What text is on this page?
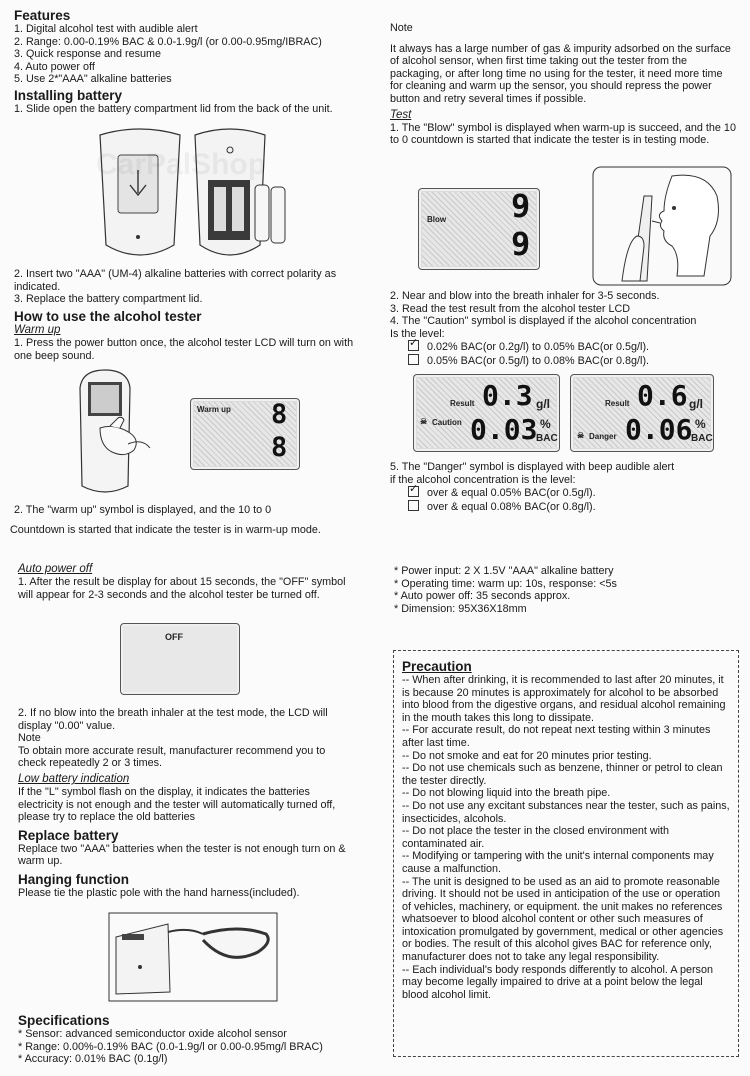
Features
1. Digital alcohol test with audible alert
2. Range: 0.00-0.19% BAC & 0.0-1.9g/l (or 0.00-0.95mg/IBRAC)
3. Quick response and resume
4. Auto power off
5. Use 2*"AAA" alkaline batteries
Installing battery
1. Slide open the battery compartment lid from the back of the unit.
CarPalShop
2. Insert two "AAA" (UM-4) alkaline batteries with correct polarity as indicated.
3. Replace the battery compartment lid.
How to use the alcohol tester
Warm up
1. Press the power button once, the alcohol tester LCD will turn on with one beep sound.
Warm up 8
8
2. The "warm up" symbol is displayed, and the 10 to 0
Countdown is started that indicate the tester is in warm-up mode.
Note
It always has a large number of gas & impurity adsorbed on the surface of alcohol sensor, when first time taking out the tester from the packaging, or after long time no using for the tester, it need more time for cleaning and warm up the sensor, you should repress the power button and retry several times if possible.
Test
1. The "Blow" symbol is displayed when warm-up is succeed, and the 10 to 0 countdown is started that indicate the tester is in testing mode.
Blow 9
9
2. Near and blow into the breath inhaler for 3-5 seconds.
3. Read the test result from the alcohol tester LCD
4. The "Caution" symbol is displayed if the alcohol concentration
Is the level:
✓0.02% BAC(or 0.2g/l) to 0.05% BAC(or 0.5g/l).
0.05% BAC(or 0.5g/l) to 0.08% BAC(or 0.8g/l).
Result 0.3 g/l
☠ Caution 0.03 %
BAC
Result 0.6 g/l
☠ Danger 0.06 %
BAC
5. The "Danger" symbol is displayed with beep audible alert
if the alcohol concentration is the level:
✓over & equal 0.05% BAC(or 0.5g/l).
over & equal 0.08% BAC(or 0.8g/l).
Auto power off
1. After the result be display for about 15 seconds, the "OFF" symbol will appear for 2-3 seconds and the alcohol tester be turned off.
OFF
2. If no blow into the breath inhaler at the test mode, the LCD will display "0.00" value.
Note
To obtain more accurate result, manufacturer recommend you to check repeatedly 2 or 3 times.
Low battery indication
If the "L" symbol flash on the display, it indicates the batteries electricity is not enough and the tester will automatically turned off, please try to replace the old batteries
Replace battery
Replace two "AAA" batteries when the tester is not enough turn on & warm up.
Hanging function
Please tie the plastic pole with the hand harness(included).
Specifications
* Sensor: advanced semiconductor oxide alcohol sensor
* Range: 0.00%-0.19% BAC (0.0-1.9g/l or 0.00-0.95mg/l BRAC)
* Accuracy: 0.01% BAC (0.1g/l)
* Power input: 2 X 1.5V "AAA" alkaline battery
* Operating time: warm up: 10s, response: <5s
* Auto power off: 35 seconds approx.
* Dimension: 95X36X18mm
Precaution
-- When after drinking, it is recommended to last after 20 minutes, it is because 20 minutes is approximately for alcohol to be absorbed into blood from the digestive organs, and residual alcohol remaining in the mouth takes this long to dissipate.
-- For accurate result, do not repeat next testing within 3 minutes after last time.
-- Do not smoke and eat for 20 minutes prior testing.
-- Do not use chemicals such as benzene, thinner or petrol to clean the tester directly.
-- Do not blowing liquid into the breath pipe.
-- Do not use any excitant substances near the tester, such as pains, insecticides, alcohols.
-- Do not place the tester in the closed environment with contaminated air.
-- Modifying or tampering with the unit's internal components may cause a malfunction.
-- The unit is designed to be used as an aid to promote reasonable driving. It should not be used in anticipation of the use or operation of vehicles, machinery, or equipment. the unit makes no references whatsoever to blood alcohol content or other such measures of intoxication promulgated by government, medical or other agencies or bodies. The result of this alcohol gives BAC for reference only, manufacturer does not to take any legal responsibility.
-- Each individual's body responds differently to alcohol. A person may become legally impaired to drive at a point below the legal blood alcohol limit.
